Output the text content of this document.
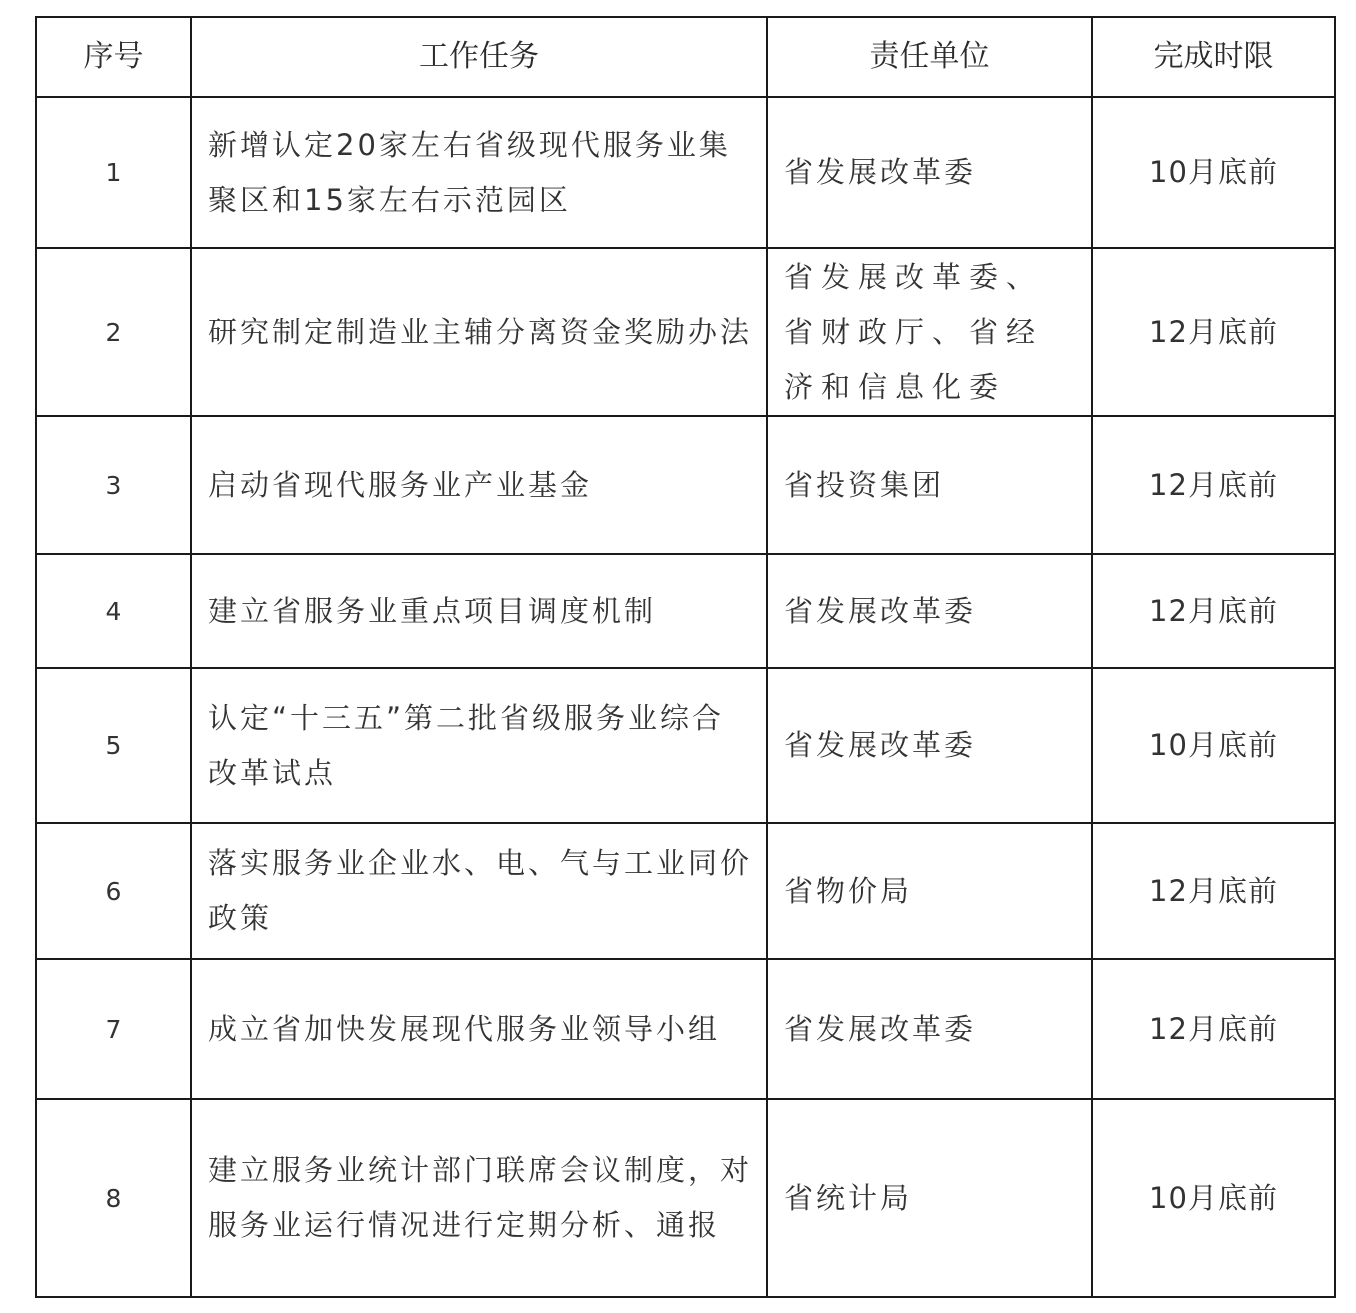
序号	工作任务	责任单位	完成时限
1	新增认定20家左右省级现代服务业集聚区和15家左右示范园区	省发展改革委	10月底前
2	研究制定制造业主辅分离资金奖励办法	省发展改革委、省财政厅、省经济和信息化委	12月底前
3	启动省现代服务业产业基金	省投资集团	12月底前
4	建立省服务业重点项目调度机制	省发展改革委	12月底前
5	认定“十三五”第二批省级服务业综合改革试点	省发展改革委	10月底前
6	落实服务业企业水、电、气与工业同价政策	省物价局	12月底前
7	成立省加快发展现代服务业领导小组	省发展改革委	12月底前
8	建立服务业统计部门联席会议制度，对服务业运行情况进行定期分析、通报	省统计局	10月底前
